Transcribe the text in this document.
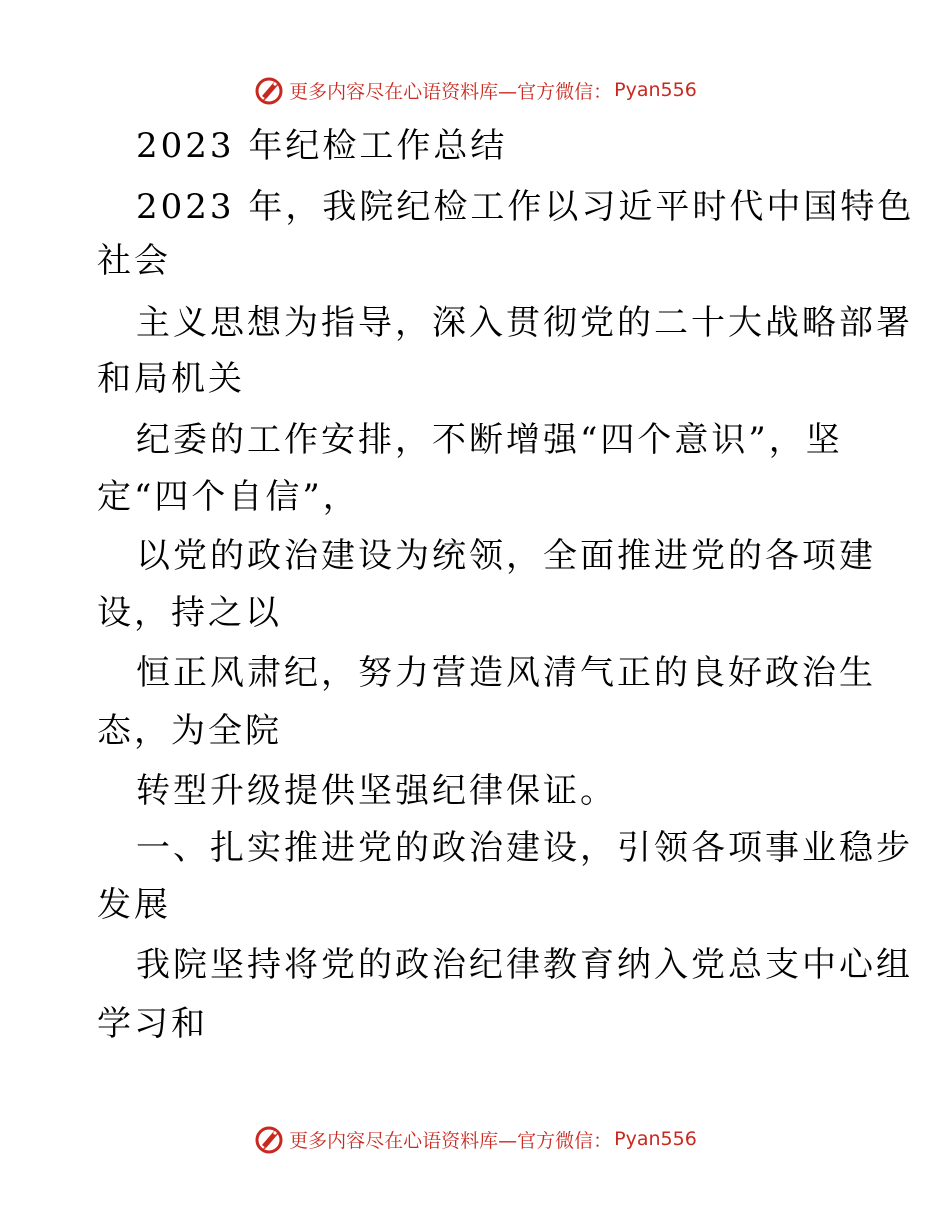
更多内容尽在心语资料库—官方微信： Pyan556
2023 年纪检工作总结
2023 年，我院纪检工作以习近平时代中国特色
社会
主义思想为指导，深入贯彻党的二十大战略部署
和局机关
纪委的工作安排，不断增强“四个意识”，坚
定“四个自信”，
以党的政治建设为统领，全面推进党的各项建
设，持之以
恒正风肃纪，努力营造风清气正的良好政治生
态，为全院
转型升级提供坚强纪律保证。
一、扎实推进党的政治建设，引领各项事业稳步
发展
我院坚持将党的政治纪律教育纳入党总支中心组
学习和
更多内容尽在心语资料库—官方微信： Pyan556
